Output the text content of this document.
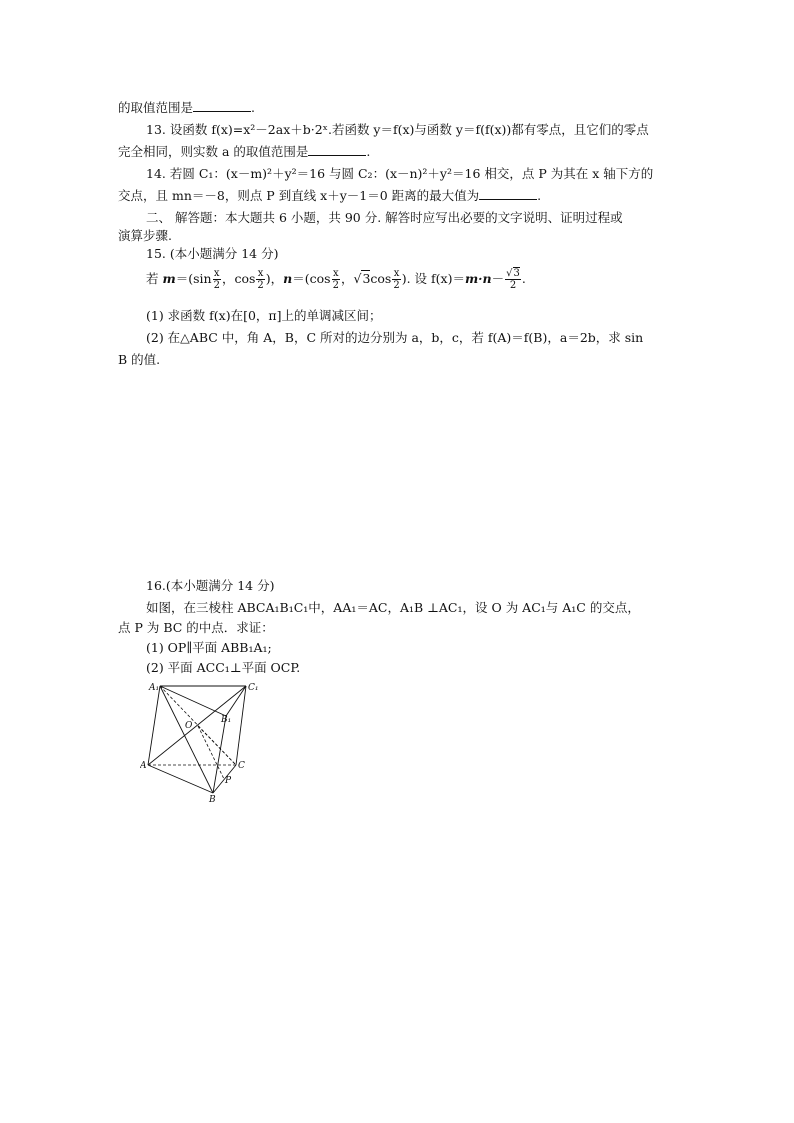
的取值范围是	.
13. 设函数 f(x)=x²－2ax＋b·2ˣ.若函数 y＝f(x)与函数 y＝f(f(x))都有零点，且它们的零点
完全相同，则实数 a 的取值范围是	.
14. 若圆 C₁：(x－m)²＋y²＝16 与圆 C₂：(x－n)²＋y²＝16 相交，点 P 为其在 x 轴下方的
交点，且 mn＝－8，则点 P 到直线 x＋y－1＝0 距离的最大值为	.
二、 解答题：本大题共 6 小题，共 90 分. 解答时应写出必要的文字说明、证明过程或
演算步骤.
15. (本小题满分 14 分)
若 $m=(\sin \frac{x}{2}$ ，$\cos \frac{x}{2}$ )，$n=(\cos \frac{x}{2}$ ，$√3\cos \frac{x}{2}$ ). 设 $f(x)=m\cdot n- \frac{√3}{2}$ .
(1) 求函数 f(x)在[0，π]上的单调减区间；
(2) 在△ABC 中，角 A，B，C 所对的边分别为 a，b，c，若 f(A)＝f(B)，a＝2b，求 sin
B 的值.
16.(本小题满分 14 分)
如图，在三棱柱 ABCA₁B₁C₁中，AA₁＝AC，A₁B ⊥AC₁，设 O 为 AC₁与 A₁C 的交点，
点 P 为 BC 的中点．求证：
(1) OP∥平面 ABB₁A₁;
(2) 平面 ACC₁⊥平面 OCP.
A₁	C₁
B₁
O
A	C
P
B
